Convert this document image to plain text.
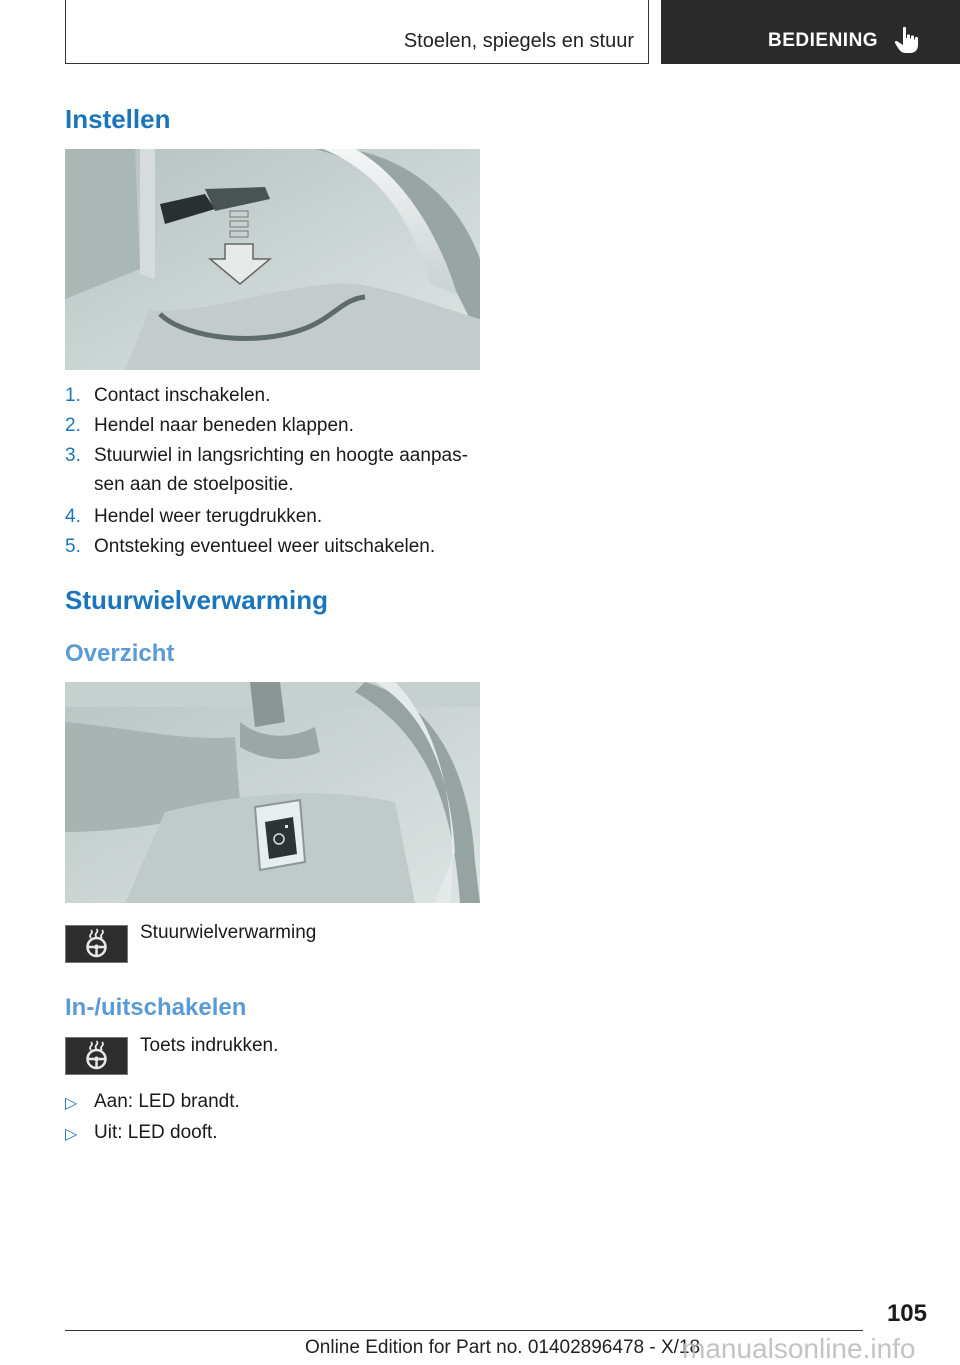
Stoelen, spiegels en stuur	BEDIENING
Instellen
1. Contact inschakelen.
2. Hendel naar beneden klappen.
3. Stuurwiel in langsrichting en hoogte aanpas-
sen aan de stoelpositie.
4. Hendel weer terugdrukken.
5. Ontsteking eventueel weer uitschakelen.
Stuurwielverwarming
Overzicht
Stuurwielverwarming
In-/uitschakelen
Toets indrukken.
▷ Aan: LED brandt.
▷ Uit: LED dooft.
105
Online Edition for Part no. 01402896478 - X/18
manualsonline.info
